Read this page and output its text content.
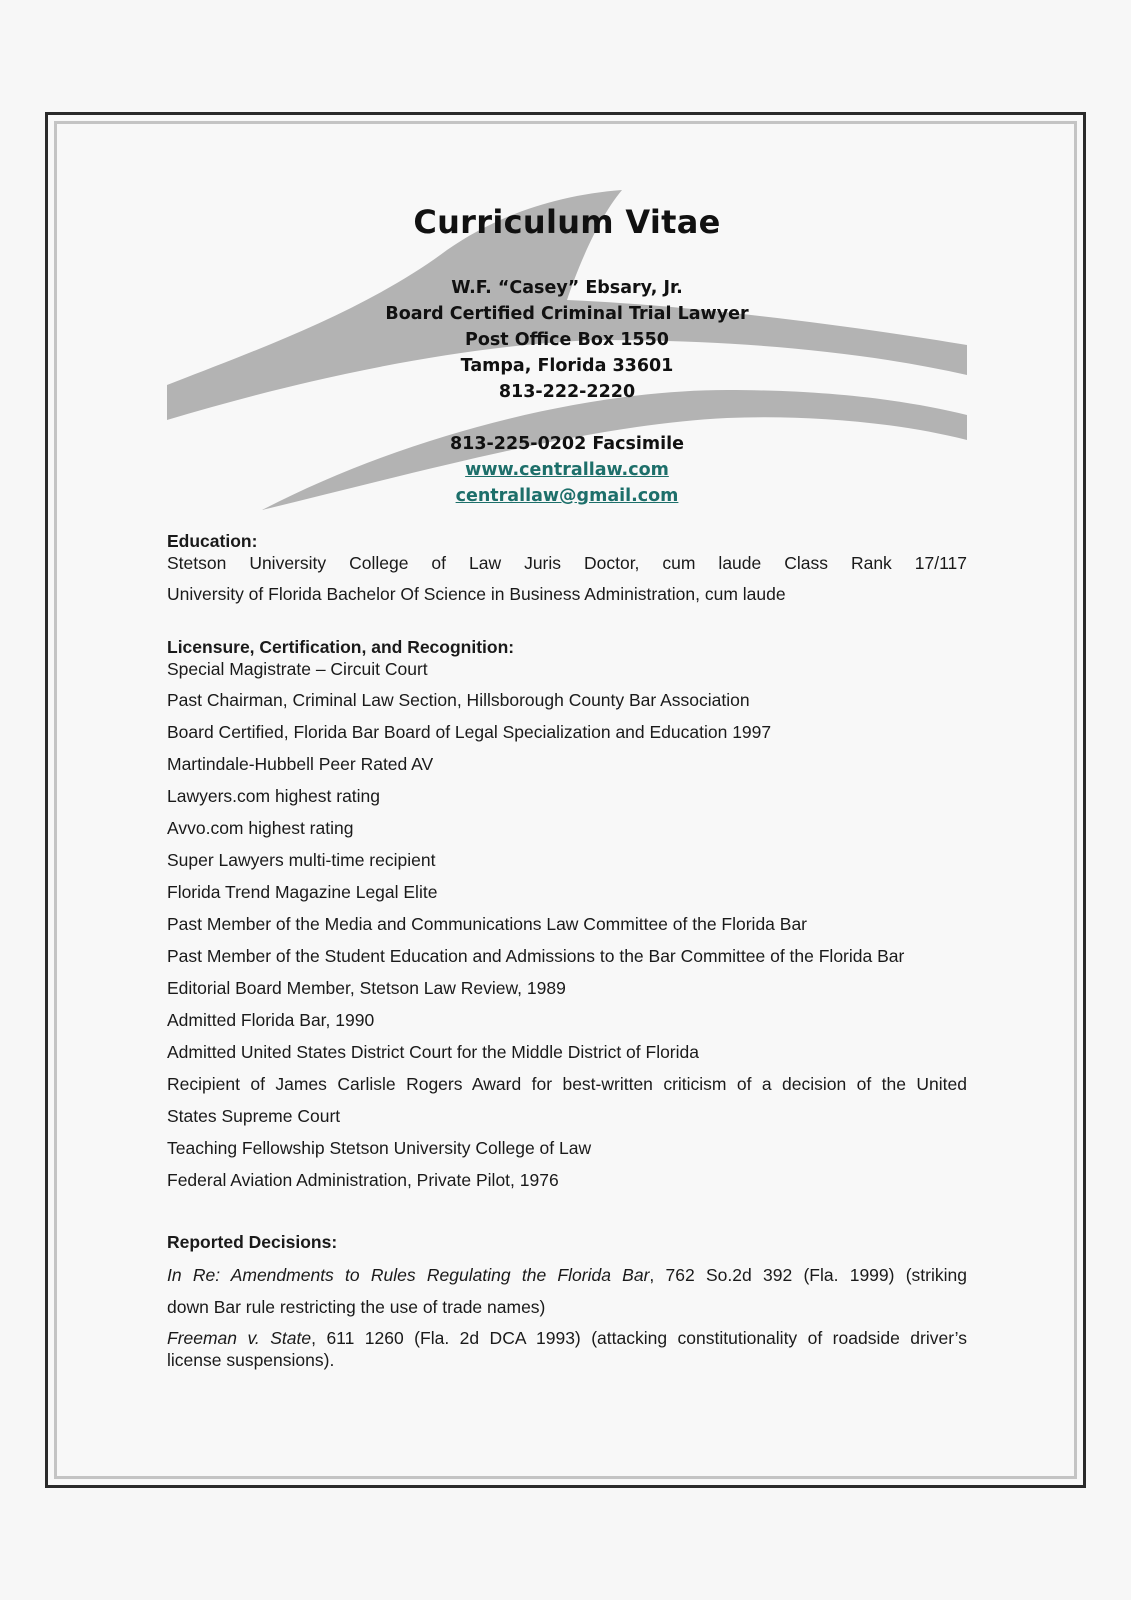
Curriculum Vitae
W.F. “Casey” Ebsary, Jr.
Board Certified Criminal Trial Lawyer
Post Office Box 1550
Tampa, Florida 33601
813-222-2220
813-225-0202 Facsimile
www.centrallaw.com
centrallaw@gmail.com
Education:
Stetson University College of Law Juris Doctor, cum laude Class Rank 17/117
University of Florida Bachelor Of Science in Business Administration, cum laude
Licensure, Certification, and Recognition:
Special Magistrate – Circuit Court
Past Chairman, Criminal Law Section, Hillsborough County Bar Association
Board Certified, Florida Bar Board of Legal Specialization and Education 1997
Martindale-Hubbell Peer Rated AV
Lawyers.com highest rating
Avvo.com highest rating
Super Lawyers multi-time recipient
Florida Trend Magazine Legal Elite
Past Member of the Media and Communications Law Committee of the Florida Bar
Past Member of the Student Education and Admissions to the Bar Committee of the Florida Bar
Editorial Board Member, Stetson Law Review, 1989
Admitted Florida Bar, 1990
Admitted United States District Court for the Middle District of Florida
Recipient of James Carlisle Rogers Award for best-written criticism of a decision of the United
States Supreme Court
Teaching Fellowship Stetson University College of Law
Federal Aviation Administration, Private Pilot, 1976
Reported Decisions:
In Re: Amendments to Rules Regulating the Florida Bar, 762 So.2d 392 (Fla. 1999) (striking
down Bar rule restricting the use of trade names)
Freeman v. State, 611 1260 (Fla. 2d DCA 1993) (attacking constitutionality of roadside driver’s
license suspensions).
